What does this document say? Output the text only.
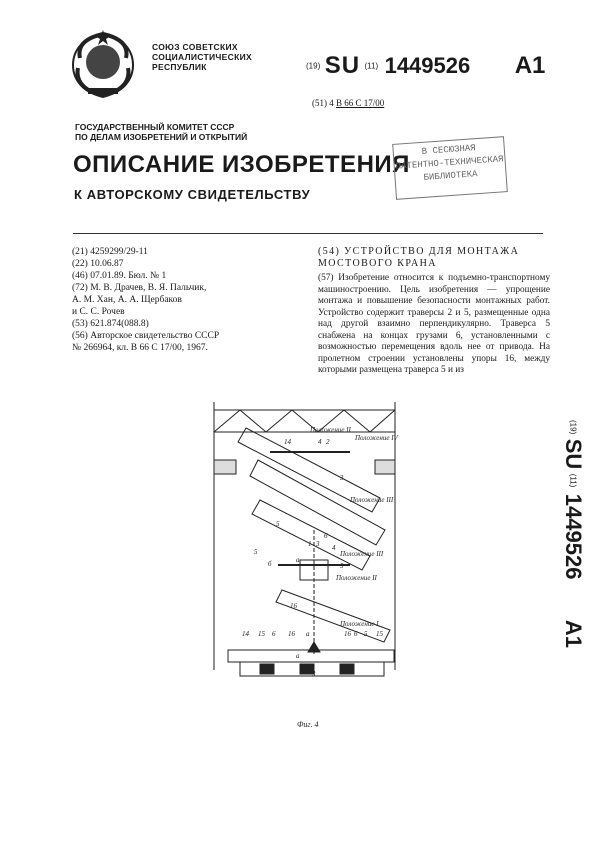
СОЮЗ СОВЕТСКИХ
СОЦИАЛИСТИЧЕСКИХ
РЕСПУБЛИК	(19) SU (11) 1449526 A1
(51) 4 B 66 C 17/00
ГОСУДАРСТВЕННЫЙ КОМИТЕТ СССР
ПО ДЕЛАМ ИЗОБРЕТЕНИЙ И ОТКРЫТИЙ
ОПИСАНИЕ ИЗОБРЕТЕНИЯ
К АВТОРСКОМУ СВИДЕТЕЛЬСТВУ
В СЕСЮЗНАЯ
ПАТЕНТНО-ТЕХНИЧЕСКАЯ
БИБЛИОТЕКА
(21) 4259299/29-11
(22) 10.06.87
(46) 07.01.89. Бюл. № 1
(72) М. В. Драчев, В. Я. Пальчик,
А. М. Хан, А. А. Щербаков
и С. С. Рочев
(53) 621.874(088.8)
(56) Авторское свидетельство СССР
№ 266964, кл. В 66 С 17/00, 1967.
(54) УСТРОЙСТВО ДЛЯ МОНТАЖА МОСТОВОГО КРАНА
(57) Изобретение относится к подъемно-транспортному машиностроению. Цель изобретения — упрощение монтажа и повышение безопасности монтажных работ. Устройство содержит траверсы 2 и 5, размещенные одна над другой взаимно перпендикулярно. Траверса 5 снабжена на концах грузами 6, установленными с возможностью перемещения вдоль нее от привода. На пролетном строении установлены упоры 16, между которыми размещена траверса 5 и из
(19) SU (11) 1449526 A1
Положение II
Положение IV
Положение III
Положение III
Положение II
Положение I
14	4 2
3
5
6
4
5
б	а
1 3
16
5
14 15 6 16 а	16 6 5 15
а
3
Фиг. 4
